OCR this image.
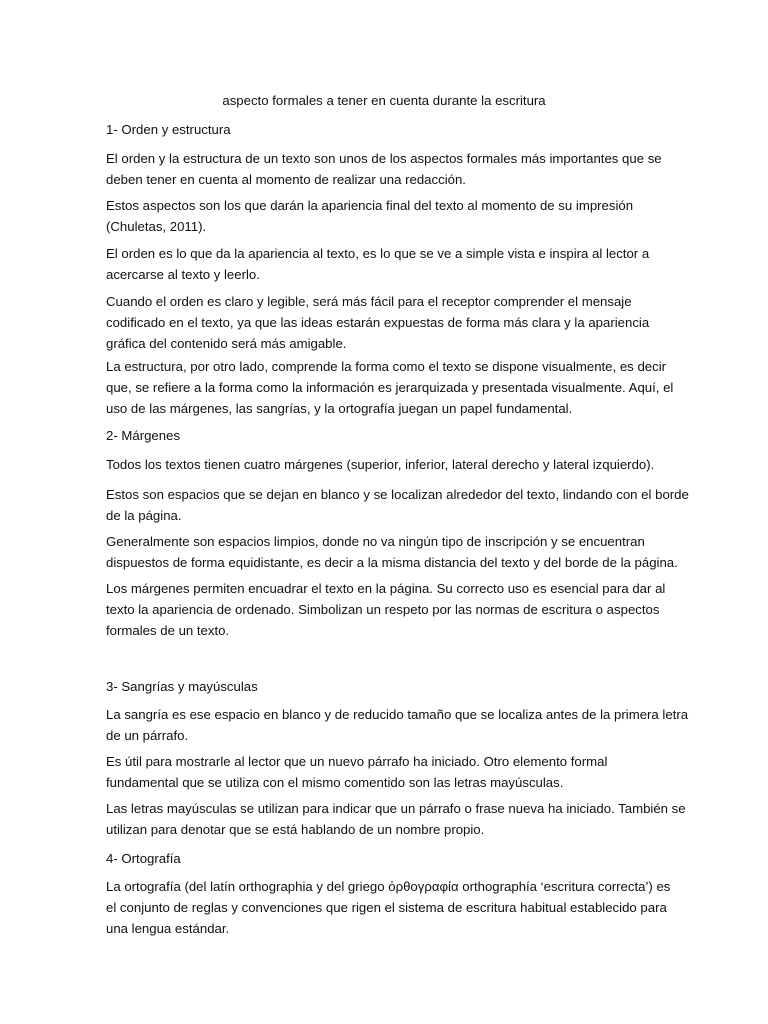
aspecto formales a tener en cuenta durante la escritura
1- Orden y estructura
El orden y la estructura de un texto son unos de los aspectos formales más importantes que se
deben tener en cuenta al momento de realizar una redacción.
Estos aspectos son los que darán la apariencia final del texto al momento de su impresión
(Chuletas, 2011).
El orden es lo que da la apariencia al texto, es lo que se ve a simple vista e inspira al lector a
acercarse al texto y leerlo.
Cuando el orden es claro y legible, será más fácil para el receptor comprender el mensaje
codificado en el texto, ya que las ideas estarán expuestas de forma más clara y la apariencia
gráfica del contenido será más amigable.
La estructura, por otro lado, comprende la forma como el texto se dispone visualmente, es decir
que, se refiere a la forma como la información es jerarquizada y presentada visualmente. Aquí, el
uso de las márgenes, las sangrías, y la ortografía juegan un papel fundamental.
2- Márgenes
Todos los textos tienen cuatro márgenes (superior, inferior, lateral derecho y lateral izquierdo).
Estos son espacios que se dejan en blanco y se localizan alrededor del texto, lindando con el borde
de la página.
Generalmente son espacios limpios, donde no va ningún tipo de inscripción y se encuentran
dispuestos de forma equidistante, es decir a la misma distancia del texto y del borde de la página.
Los márgenes permiten encuadrar el texto en la página. Su correcto uso es esencial para dar al
texto la apariencia de ordenado. Simbolizan un respeto por las normas de escritura o aspectos
formales de un texto.
3- Sangrías y mayúsculas
La sangría es ese espacio en blanco y de reducido tamaño que se localiza antes de la primera letra
de un párrafo.
Es útil para mostrarle al lector que un nuevo párrafo ha iniciado. Otro elemento formal
fundamental que se utiliza con el mismo comentido son las letras mayúsculas.
Las letras mayúsculas se utilizan para indicar que un párrafo o frase nueva ha iniciado. También se
utilizan para denotar que se está hablando de un nombre propio.
4- Ortografía
La ortografía (del latín orthographia y del griego ὀρθογραφία orthographía ‘escritura correcta’) es
el conjunto de reglas y convenciones que rigen el sistema de escritura habitual establecido para
una lengua estándar.
